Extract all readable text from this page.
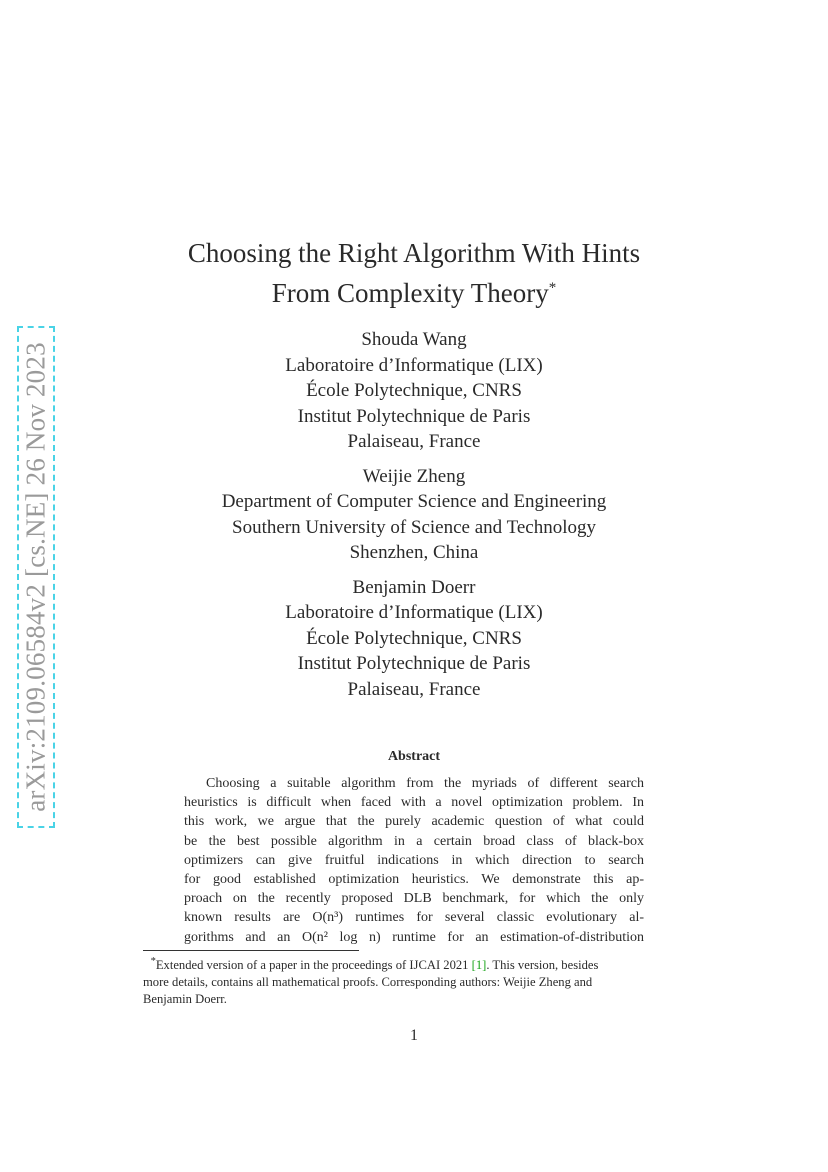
arXiv:2109.06584v2 [cs.NE] 26 Nov 2023
Choosing the Right Algorithm With Hints
From Complexity Theory*
Shouda Wang
Laboratoire d’Informatique (LIX)
École Polytechnique, CNRS
Institut Polytechnique de Paris
Palaiseau, France
Weijie Zheng
Department of Computer Science and Engineering
Southern University of Science and Technology
Shenzhen, China
Benjamin Doerr
Laboratoire d’Informatique (LIX)
École Polytechnique, CNRS
Institut Polytechnique de Paris
Palaiseau, France
Abstract
Choosing a suitable algorithm from the myriads of different search
heuristics is difficult when faced with a novel optimization problem. In
this work, we argue that the purely academic question of what could
be the best possible algorithm in a certain broad class of black-box
optimizers can give fruitful indications in which direction to search
for good established optimization heuristics. We demonstrate this ap-
proach on the recently proposed DLB benchmark, for which the only
known results are O(n³) runtimes for several classic evolutionary al-
gorithms and an O(n² log n) runtime for an estimation-of-distribution
   *Extended version of a paper in the proceedings of IJCAI 2021 [1]. This version, besides
more details, contains all mathematical proofs. Corresponding authors: Weijie Zheng and
Benjamin Doerr.
1
